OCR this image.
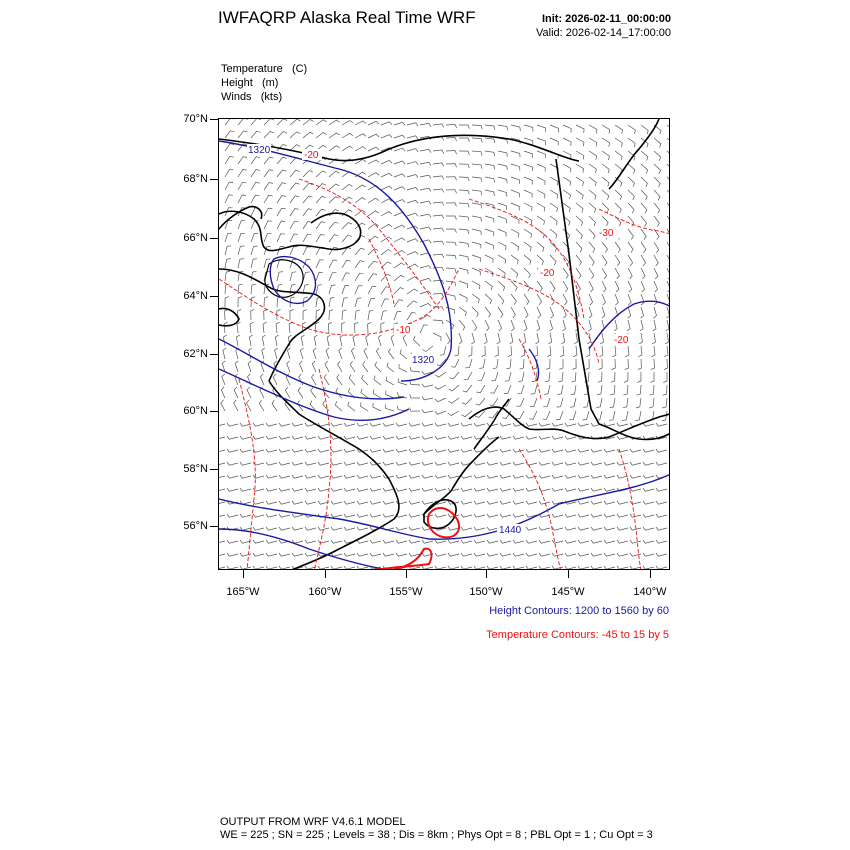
IWFAQRP Alaska Real Time WRF	Init: 2026-02-11_00:00:00
Valid: 2026-02-14_17:00:00
Temperature (C)
Height (m)
Winds (kts)
70°N
68°N
66°N
64°N
62°N
60°N
58°N
56°N
165°W	160°W	155°W	150°W	145°W	140°W
1320
1320
1440
-20
-30
-20
-10
-20
Height Contours: 1200 to 1560 by 60
Temperature Contours: -45 to 15 by 5
OUTPUT FROM WRF V4.6.1 MODEL
WE = 225 ; SN = 225 ; Levels = 38 ; Dis = 8km ; Phys Opt = 8 ; PBL Opt = 1 ; Cu Opt = 3
